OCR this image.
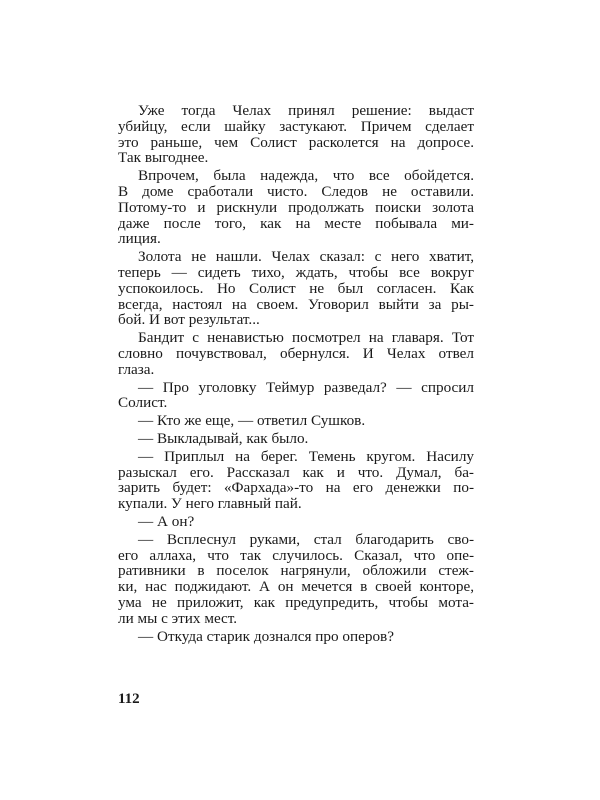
Уже тогда Челах принял решение: выдаст
убийцу, если шайку застукают. Причем сделает
это раньше, чем Солист расколется на допросе.
Так выгоднее.
Впрочем, была надежда, что все обойдется.
В доме сработали чисто. Следов не оставили.
Потому-то и рискнули продолжать поиски золота
даже после того, как на месте побывала ми-
лиция.
Золота не нашли. Челах сказал: с него хватит,
теперь — сидеть тихо, ждать, чтобы все вокруг
успокоилось. Но Солист не был согласен. Как
всегда, настоял на своем. Уговорил выйти за ры-
бой. И вот результат...
Бандит с ненавистью посмотрел на главаря. Тот
словно почувствовал, обернулся. И Челах отвел
глаза.
— Про уголовку Теймур разведал? — спросил
Солист.
— Кто же еще, — ответил Сушков.
— Выкладывай, как было.
— Приплыл на берег. Темень кругом. Насилу
разыскал его. Рассказал как и что. Думал, ба-
зарить будет: «Фархада»-то на его денежки по-
купали. У него главный пай.
— А он?
— Всплеснул руками, стал благодарить сво-
его аллаха, что так случилось. Сказал, что опе-
ративники в поселок нагрянули, обложили стеж-
ки, нас поджидают. А он мечется в своей конторе,
ума не приложит, как предупредить, чтобы мота-
ли мы с этих мест.
— Откуда старик дознался про оперов?
112
